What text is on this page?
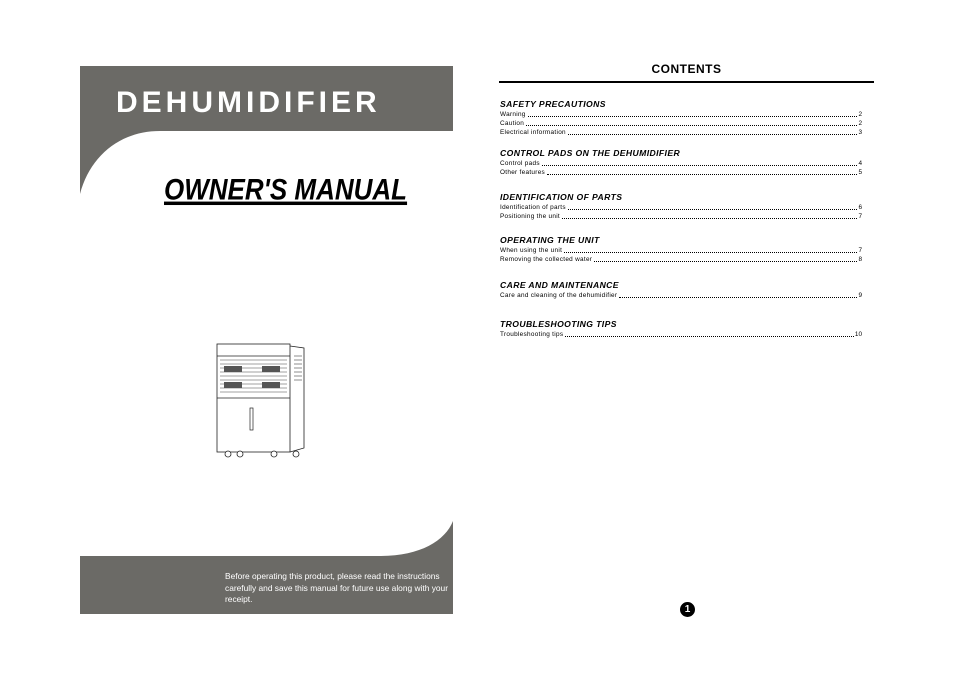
DEHUMIDIFIER
OWNER'S MANUAL
Before operating this product, please read the instructions carefully and save this manual for future use along with your receipt.
CONTENTS
SAFETY PRECAUTIONS
Warning	2
Caution	2
Electrical information	3
CONTROL PADS ON THE DEHUMIDIFIER
Control pads	4
Other features	5
IDENTIFICATION OF PARTS
Identification of parts	6
Positioning the unit	7
OPERATING THE UNIT
When using the unit	7
Removing the collected water	8
CARE AND MAINTENANCE
Care and cleaning of the dehumidifier	9
TROUBLESHOOTING TIPS
Troubleshooting tips	10
1
